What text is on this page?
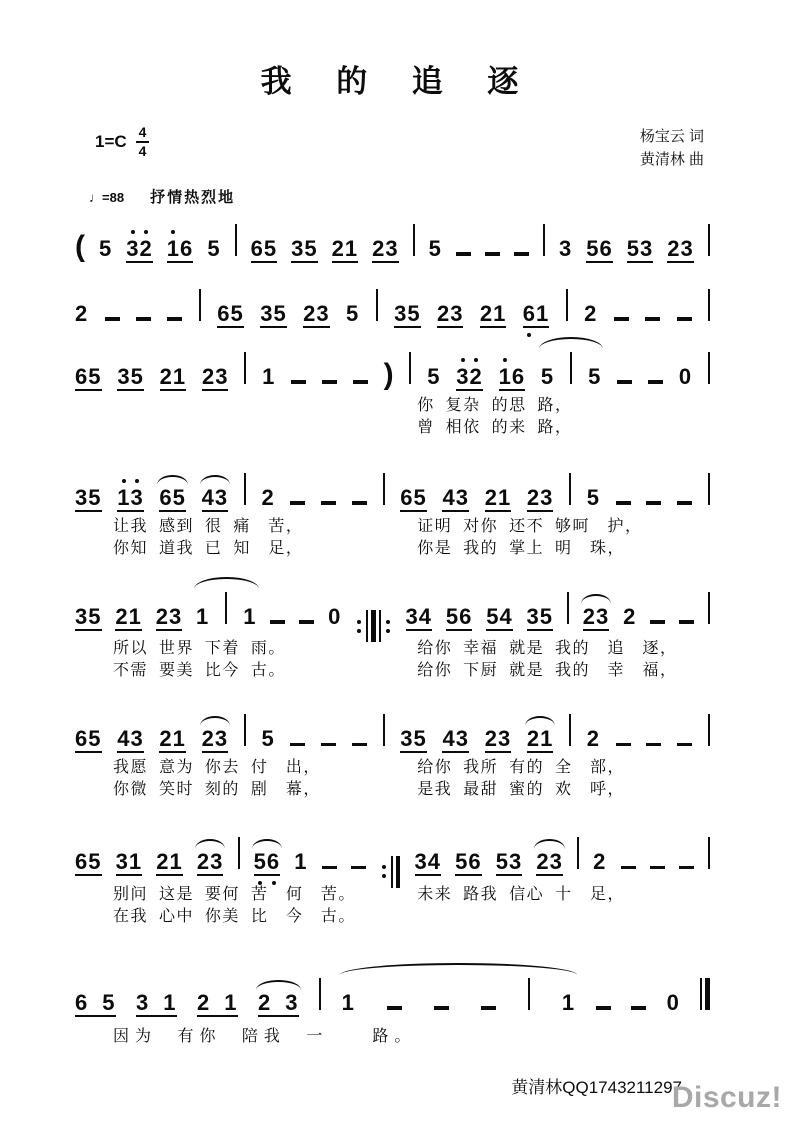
我 的 追 逐
$1=C \frac{4}{4}$	杨宝云 词
黄清林 曲
♩=88 抒情热烈地
( 5 3
2 1
6 5 65 35 21 23 5	3 56 53 23
2	65 35 23 5 35 23 21 6
1 2
65 35 21 23 1	) 5 3
2 1
6 5 5	0
你 复杂 的思 路，
曾 相依 的来 路，
35 1
3 65 43 2	65 43 21 23 5
让我 感到 很 痛　苦，	证明 对你 还不 够呵　护，
你知 道我 已 知　足，	你是 我的 掌上 明　珠，
35 21 23 1 1	0	34 56 54 35 23 2
所以 世界 下着 雨。	给你 幸福 就是 我的　追　逐，
不需 要美 比今 古。	给你 下厨 就是 我的　幸　福，
65 43 21 23 5	35 43 23 21 2
我愿 意为 你去 付　出，	给你 我所 有的 全　部，
你微 笑时 刻的 剧　幕，	是我 最甜 蜜的 欢　呼，
65 31 21 23 5
6 1	34 56 53 23 2
别问 这是 要何 苦　何　苦。	未来 路我 信心 十　足，
在我 心中 你美 比　今　古。
6 5 3 1 2 1 2 3 1	1	0
因为 有你 陪我 一　　路。
黄清林QQ1743211297
Discuz!
